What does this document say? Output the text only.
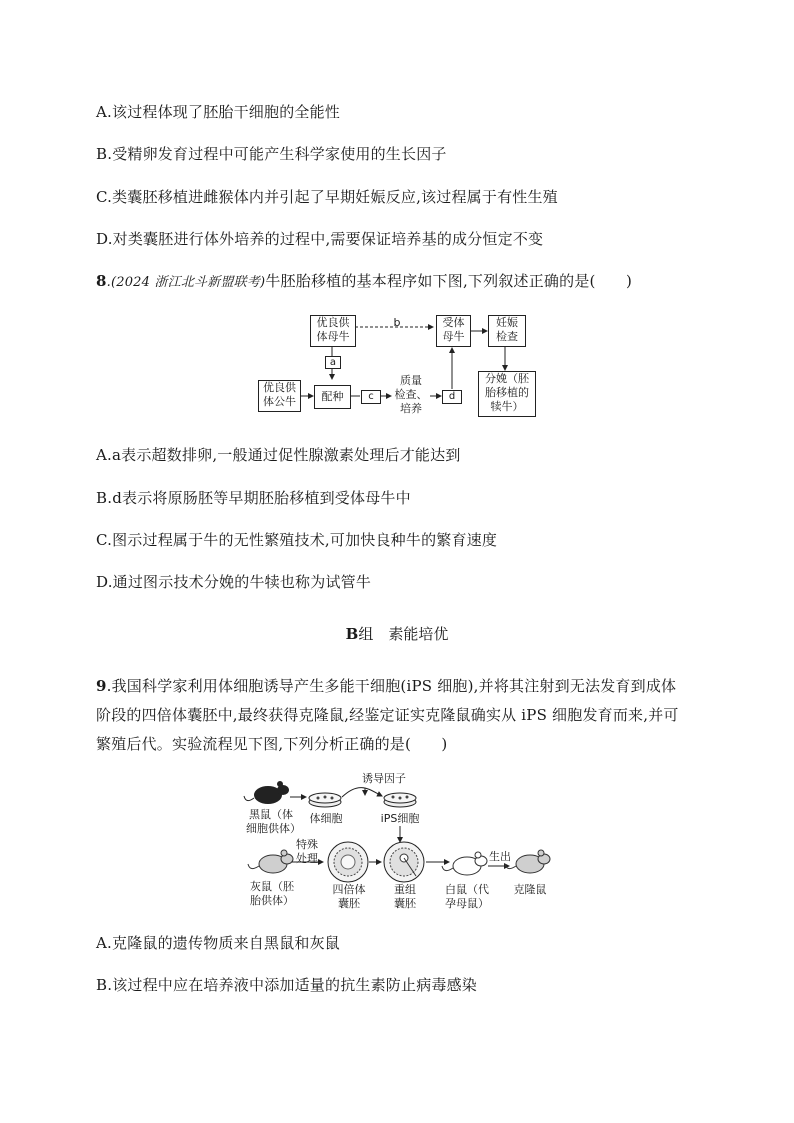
A.该过程体现了胚胎干细胞的全能性
B.受精卵发育过程中可能产生科学家使用的生长因子
C.类囊胚移植进雌猴体内并引起了早期妊娠反应,该过程属于有性生殖
D.对类囊胚进行体外培养的过程中,需要保证培养基的成分恒定不变
8.(2024 浙江北斗新盟联考)牛胚胎移植的基本程序如下图,下列叙述正确的是(　　)
优良供
体母牛
b	受体
母牛
妊娠
检查
a
优良供
体公牛	配种	c
质量
检查、
培养
d
分娩（胚
胎移植的
犊牛）
A.a表示超数排卵,一般通过促性腺激素处理后才能达到
B.d表示将原肠胚等早期胚胎移植到受体母牛中
C.图示过程属于牛的无性繁殖技术,可加快良种牛的繁育速度
D.通过图示技术分娩的牛犊也称为试管牛
B组　素能培优
9.我国科学家利用体细胞诱导产生多能干细胞(iPS 细胞),并将其注射到无法发育到成体
阶段的四倍体囊胚中,最终获得克隆鼠,经鉴定证实克隆鼠确实从 iPS 细胞发育而来,并可
繁殖后代。实验流程见下图,下列分析正确的是(　　)
诱导因子
黑鼠（体
细胞供体）
体细胞	iPS细胞
特殊
处理
灰鼠（胚
胎供体）
四倍体
囊胚
重组
囊胚
白鼠（代
孕母鼠）
生出
克隆鼠
A.克隆鼠的遗传物质来自黑鼠和灰鼠
B.该过程中应在培养液中添加适量的抗生素防止病毒感染
